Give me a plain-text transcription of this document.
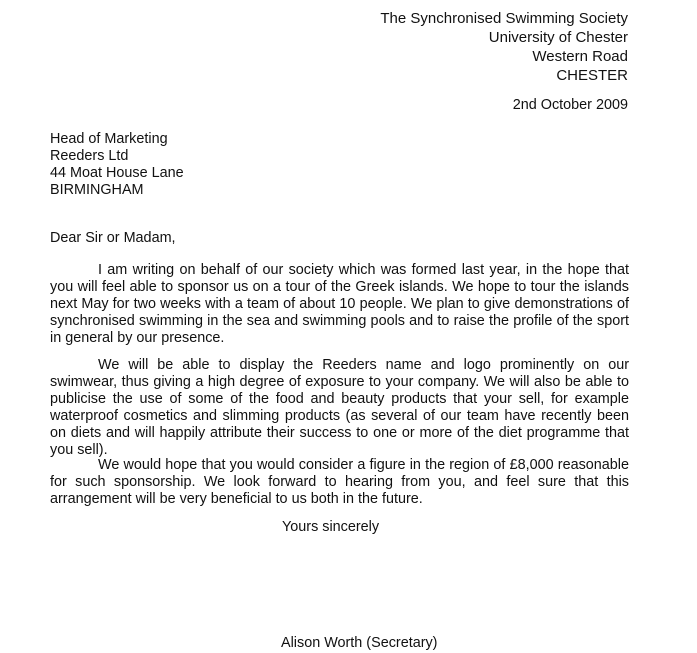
The Synchronised Swimming Society
University of Chester
Western Road
CHESTER
2nd October 2009
Head of Marketing
Reeders Ltd
44 Moat House Lane
BIRMINGHAM
Dear Sir or Madam,
I am writing on behalf of our society which was formed last year, in the hope that you will feel able to sponsor us on a tour of the Greek islands. We hope to tour the islands next May for two weeks with a team of about 10 people. We plan to give demonstrations of synchronised swimming in the sea and swimming pools and to raise the profile of the sport in general by our presence.
We will be able to display the Reeders name and logo prominently on our swimwear, thus giving a high degree of exposure to your company. We will also be able to publicise the use of some of the food and beauty products that your sell, for example waterproof cosmetics and slimming products (as several of our team have recently been on diets and will happily attribute their success to one or more of the diet programme that you sell).
We would hope that you would consider a figure in the region of £8,000 reasonable for such sponsorship. We look forward to hearing from you, and feel sure that this arrangement will be very beneficial to us both in the future.
Yours sincerely
Alison Worth (Secretary)
